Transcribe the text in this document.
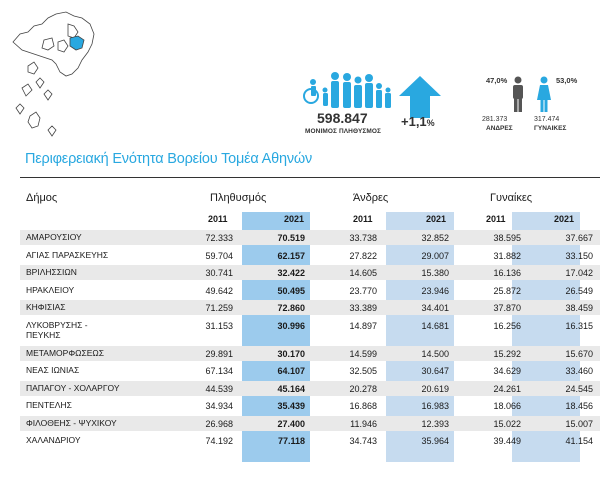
598.847
ΜΟΝΙΜΟΣ ΠΛΗΘΥΣΜΟΣ
+1,1%
47,0%	53,0%
281.373	317.474
ΑΝΔΡΕΣ	ΓΥΝΑΙΚΕΣ
Περιφερειακή Ενότητα Βορείου Τομέα Αθηνών
Δήμος	Πληθυσμός	Άνδρες	Γυναίκες
2011	2021	2011	2021	2011	2021
ΑΜΑΡΟΥΣΙΟΥ	72.333	70.519	33.738	32.852	38.595	37.667
ΑΓΙΑΣ ΠΑΡΑΣΚΕΥΗΣ	59.704	62.157	27.822	29.007	31.882	33.150
ΒΡΙΛΗΣΣΙΩΝ	30.741	32.422	14.605	15.380	16.136	17.042
ΗΡΑΚΛΕΙΟΥ	49.642	50.495	23.770	23.946	25.872	26.549
ΚΗΦΙΣΙΑΣ	71.259	72.860	33.389	34.401	37.870	38.459
ΛΥΚΟΒΡΥΣΗΣ - ΠΕΥΚΗΣ
31.153	30.996	14.897	14.681	16.256	16.315
ΜΕΤΑΜΟΡΦΩΣΕΩΣ	29.891	30.170	14.599	14.500	15.292	15.670
ΝΕΑΣ ΙΩΝΙΑΣ	67.134	64.107	32.505	30.647	34.629	33.460
ΠΑΠΑΓΟΥ - ΧΟΛΑΡΓΟΥ	44.539	45.164	20.278	20.619	24.261	24.545
ΠΕΝΤΕΛΗΣ	34.934	35.439	16.868	16.983	18.066	18.456
ΦΙΛΟΘΕΗΣ - ΨΥΧΙΚΟΥ	26.968	27.400	11.946	12.393	15.022	15.007
ΧΑΛΑΝΔΡΙΟΥ	74.192	77.118	34.743	35.964	39.449	41.154
